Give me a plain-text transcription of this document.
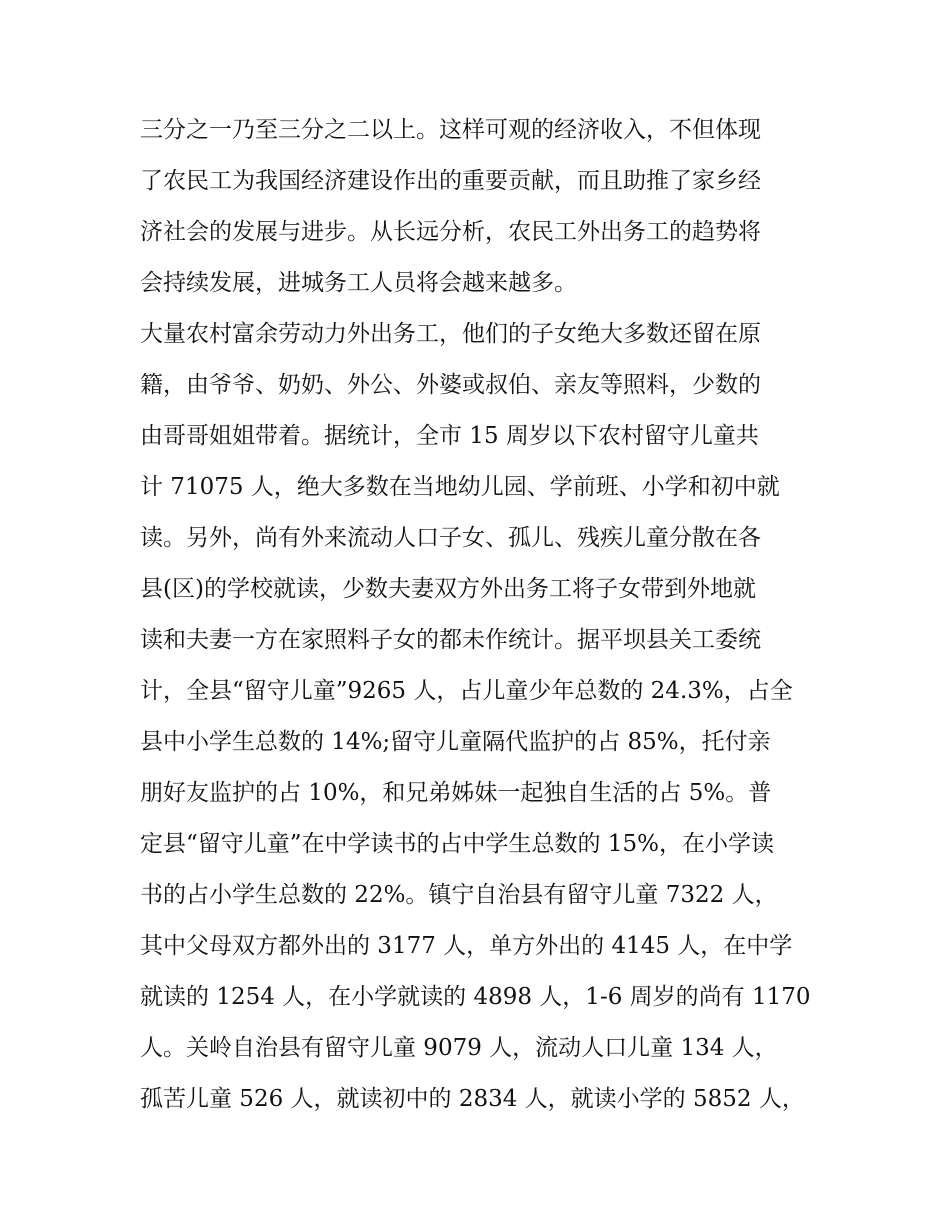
三分之一乃至三分之二以上。这样可观的经济收入，不但体现

了农民工为我国经济建设作出的重要贡献，而且助推了家乡经

济社会的发展与进步。从长远分析，农民工外出务工的趋势将

会持续发展，进城务工人员将会越来越多。

大量农村富余劳动力外出务工，他们的子女绝大多数还留在原

籍，由爷爷、奶奶、外公、外婆或叔伯、亲友等照料，少数的

由哥哥姐姐带着。据统计，全市 15 周岁以下农村留守儿童共

计 71075 人，绝大多数在当地幼儿园、学前班、小学和初中就

读。另外，尚有外来流动人口子女、孤儿、残疾儿童分散在各

县(区)的学校就读，少数夫妻双方外出务工将子女带到外地就

读和夫妻一方在家照料子女的都未作统计。据平坝县关工委统

计，全县“留守儿童”9265 人，占儿童少年总数的 24.3%，占全

县中小学生总数的 14%;留守儿童隔代监护的占 85%，托付亲

朋好友监护的占 10%，和兄弟姊妹一起独自生活的占 5%。普

定县“留守儿童”在中学读书的占中学生总数的 15%，在小学读

书的占小学生总数的 22%。镇宁自治县有留守儿童 7322 人，

其中父母双方都外出的 3177 人，单方外出的 4145 人，在中学

就读的 1254 人，在小学就读的 4898 人，1-6 周岁的尚有 1170

人。关岭自治县有留守儿童 9079 人，流动人口儿童 134 人，

孤苦儿童 526 人，就读初中的 2834 人，就读小学的 5852 人，
